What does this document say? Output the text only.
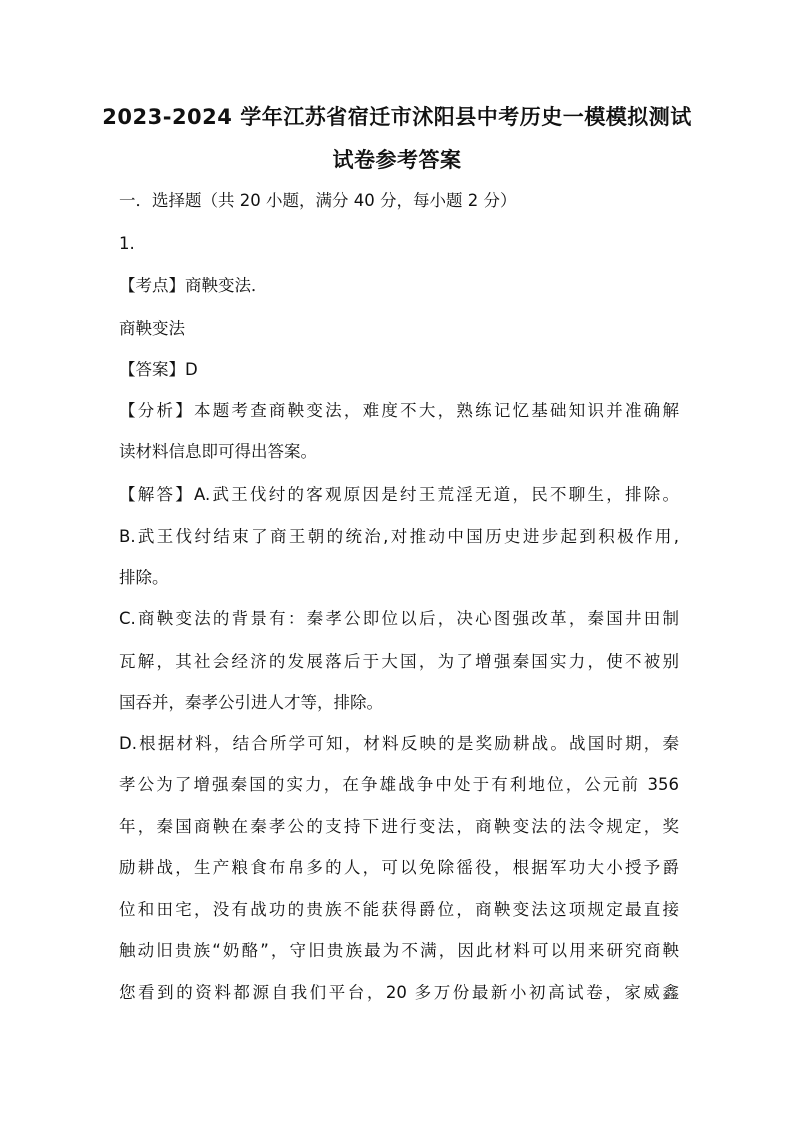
2023-2024 学年江苏省宿迁市沭阳县中考历史一模模拟测试
试卷参考答案
一．选择题（共 20 小题，满分 40 分，每小题 2 分）
1.
【考点】商鞅变法．
商鞅变法
【答案】D
【分析】本题考查商鞅变法，难度不大，熟练记忆基础知识并准确解
读材料信息即可得出答案。
【解答】A.武王伐纣的客观原因是纣王荒淫无道，民不聊生，排除。
B.武王伐纣结束了商王朝的统治,对推动中国历史进步起到积极作用,
排除。
C.商鞅变法的背景有：秦孝公即位以后，决心图强改革，秦国井田制
瓦解，其社会经济的发展落后于大国，为了增强秦国实力，使不被别
国吞并，秦孝公引进人才等，排除。
D.根据材料，结合所学可知，材料反映的是奖励耕战。战国时期，秦
孝公为了增强秦国的实力，在争雄战争中处于有利地位，公元前 356
年，秦国商鞅在秦孝公的支持下进行变法，商鞅变法的法令规定，奖
励耕战，生产粮食布帛多的人，可以免除徭役，根据军功大小授予爵
位和田宅，没有战功的贵族不能获得爵位，商鞅变法这项规定最直接
触动旧贵族“奶酪”，守旧贵族最为不满，因此材料可以用来研究商鞅
您看到的资料都源自我们平台，20 多万份最新小初高试卷，家威鑫
